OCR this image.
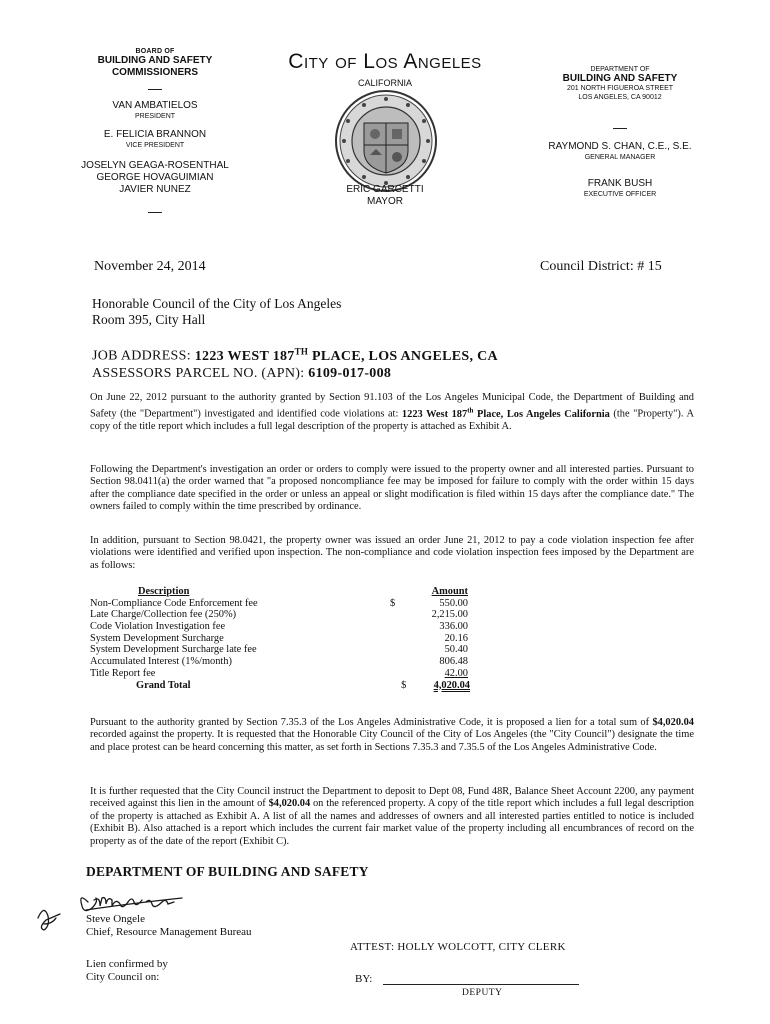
BOARD OF
BUILDING AND SAFETY COMMISSIONERS
VAN AMBATIELOS
PRESIDENT
E. FELICIA BRANNON
VICE PRESIDENT
JOSELYN GEAGA-ROSENTHAL
GEORGE HOVAGUIMIAN
JAVIER NUNEZ
City of Los Angeles
CALIFORNIA
ERIC GARCETTI
MAYOR
DEPARTMENT OF
BUILDING AND SAFETY
201 NORTH FIGUEROA STREET
LOS ANGELES, CA 90012
RAYMOND S. CHAN, C.E., S.E.
GENERAL MANAGER
FRANK BUSH
EXECUTIVE OFFICER
November 24, 2014	Council District: # 15
Honorable Council of the City of Los Angeles
Room 395, City Hall
JOB ADDRESS: 1223 WEST 187TH PLACE, LOS ANGELES, CA
ASSESSORS PARCEL NO. (APN): 6109-017-008
On June 22, 2012 pursuant to the authority granted by Section 91.103 of the Los Angeles Municipal Code, the Department of Building and Safety (the "Department") investigated and identified code violations at: 1223 West 187th Place, Los Angeles California (the "Property"). A copy of the title report which includes a full legal description of the property is attached as Exhibit A.
Following the Department's investigation an order or orders to comply were issued to the property owner and all interested parties. Pursuant to Section 98.0411(a) the order warned that "a proposed noncompliance fee may be imposed for failure to comply with the order within 15 days after the compliance date specified in the order or unless an appeal or slight modification is filed within 15 days after the compliance date." The owners failed to comply within the time prescribed by ordinance.
In addition, pursuant to Section 98.0421, the property owner was issued an order June 21, 2012 to pay a code violation inspection fee after violations were identified and verified upon inspection. The non-compliance and code violation inspection fees imposed by the Department are as follows:
Description	Amount
Non-Compliance Code Enforcement fee	$	550.00
Late Charge/Collection fee (250%)	2,215.00
Code Violation Investigation fee	336.00
System Development Surcharge	20.16
System Development Surcharge late fee	50.40
Accumulated Interest (1%/month)	806.48
Title Report fee	42.00
Grand Total	$	4,020.04
Pursuant to the authority granted by Section 7.35.3 of the Los Angeles Administrative Code, it is proposed a lien for a total sum of $4,020.04 recorded against the property. It is requested that the Honorable City Council of the City of Los Angeles (the "City Council") designate the time and place protest can be heard concerning this matter, as set forth in Sections 7.35.3 and 7.35.5 of the Los Angeles Administrative Code.
It is further requested that the City Council instruct the Department to deposit to Dept 08, Fund 48R, Balance Sheet Account 2200, any payment received against this lien in the amount of $4,020.04 on the referenced property. A copy of the title report which includes a full legal description of the property is attached as Exhibit A. A list of all the names and addresses of owners and all interested parties entitled to notice is included (Exhibit B). Also attached is a report which includes the current fair market value of the property including all encumbrances of record on the property as of the date of the report (Exhibit C).
DEPARTMENT OF BUILDING AND SAFETY
Steve Ongele
Chief, Resource Management Bureau
ATTEST: HOLLY WOLCOTT, CITY CLERK
Lien confirmed by
City Council on:	BY:
DEPUTY
